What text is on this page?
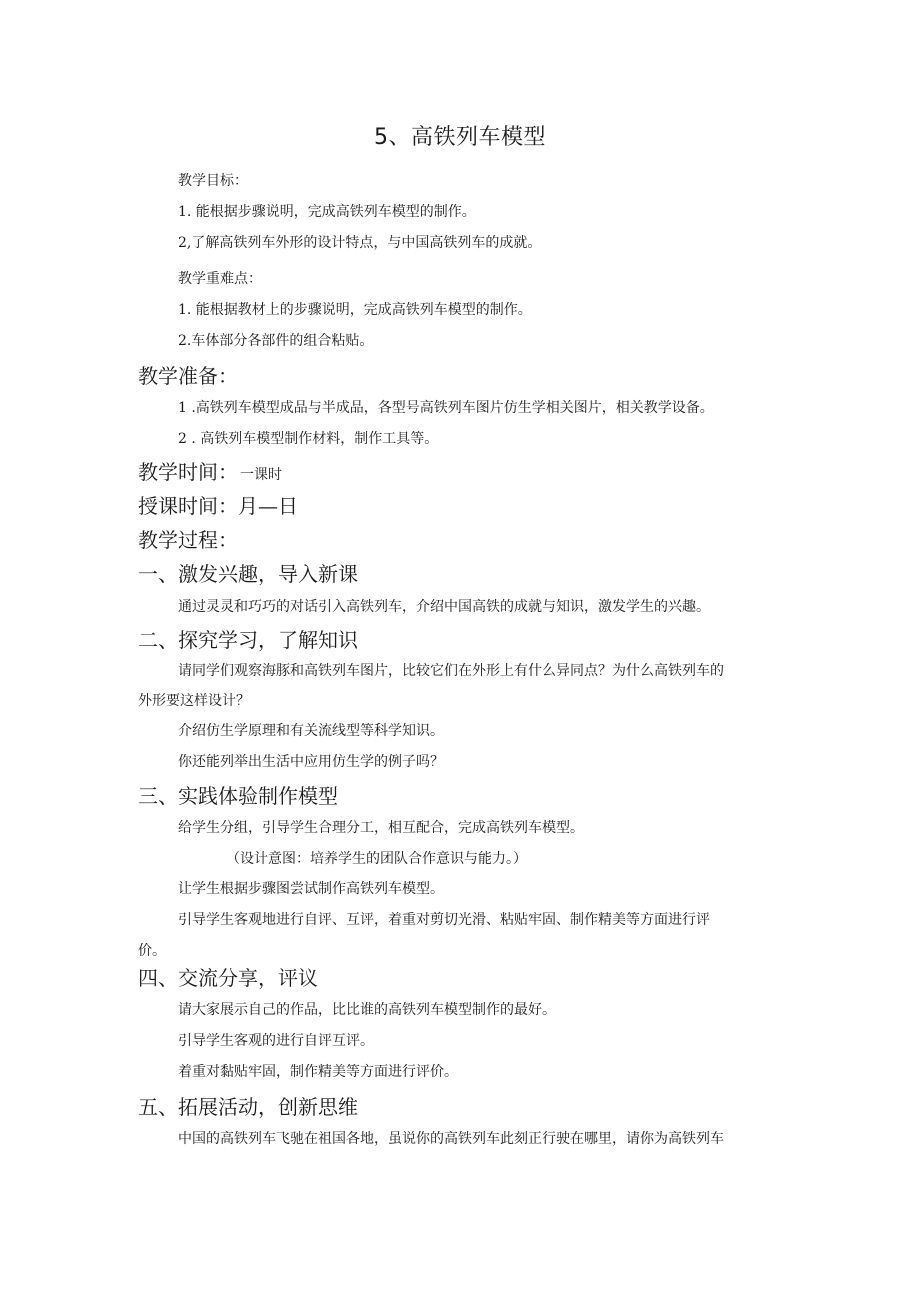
5、高铁列车模型
教学目标：
1. 能根据步骤说明，完成高铁列车模型的制作。
2,了解高铁列车外形的设计特点，与中国高铁列车的成就。
教学重难点：
1. 能根据教材上的步骤说明，完成高铁列车模型的制作。
2.车体部分各部件的组合粘贴。
教学准备：
1 .高铁列车模型成品与半成品，各型号高铁列车图片仿生学相关图片，相关教学设备。
2 . 高铁列车模型制作材料，制作工具等。
教学时间： 一课时
授课时间：月—日
教学过程：
一、激发兴趣，导入新课
通过灵灵和巧巧的对话引入高铁列车，介绍中国高铁的成就与知识，激发学生的兴趣。
二、探究学习，了解知识
请同学们观察海豚和高铁列车图片，比较它们在外形上有什么异同点？为什么高铁列车的
外形要这样设计？
介绍仿生学原理和有关流线型等科学知识。
你还能列举出生活中应用仿生学的例子吗？
三、实践体验制作模型
给学生分组，引导学生合理分工，相互配合，完成高铁列车模型。
（设计意图：培养学生的团队合作意识与能力。）
让学生根据步骤图尝试制作高铁列车模型。
引导学生客观地进行自评、互评，着重对剪切光滑、粘贴牢固、制作精美等方面进行评
价。
四、交流分享，评议
请大家展示自己的作品，比比谁的高铁列车模型制作的最好。
引导学生客观的进行自评互评。
着重对黏贴牢固，制作精美等方面进行评价。
五、拓展活动，创新思维
中国的高铁列车飞驰在祖国各地，虽说你的高铁列车此刻正行驶在哪里，请你为高铁列车
